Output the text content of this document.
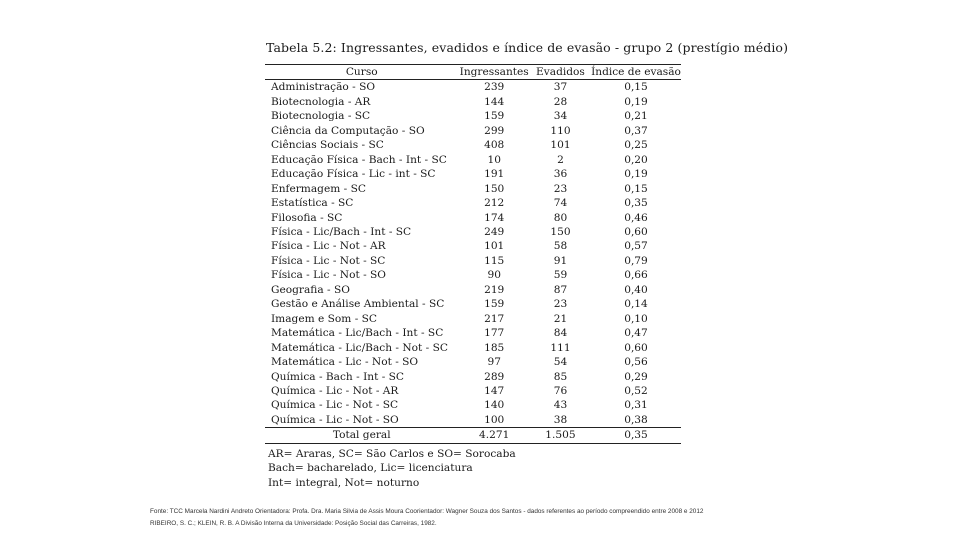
Tabela 5.2: Ingressantes, evadidos e índice de evasão - grupo 2 (prestígio médio)
Curso	Ingressantes	Evadidos	Índice de evasão
Administração - SO	239	37	0,15
Biotecnologia - AR	144	28	0,19
Biotecnologia - SC	159	34	0,21
Ciência da Computação - SO	299	110	0,37
Ciências Sociais - SC	408	101	0,25
Educação Física - Bach - Int - SC	10	2	0,20
Educação Física - Lic - int - SC	191	36	0,19
Enfermagem - SC	150	23	0,15
Estatística - SC	212	74	0,35
Filosofia - SC	174	80	0,46
Física - Lic/Bach - Int - SC	249	150	0,60
Física - Lic - Not - AR	101	58	0,57
Física - Lic - Not - SC	115	91	0,79
Física - Lic - Not - SO	90	59	0,66
Geografia - SO	219	87	0,40
Gestão e Análise Ambiental - SC	159	23	0,14
Imagem e Som - SC	217	21	0,10
Matemática - Lic/Bach - Int - SC	177	84	0,47
Matemática - Lic/Bach - Not - SC	185	111	0,60
Matemática - Lic - Not - SO	97	54	0,56
Química - Bach - Int - SC	289	85	0,29
Química - Lic - Not - AR	147	76	0,52
Química - Lic - Not - SC	140	43	0,31
Química - Lic - Not - SO	100	38	0,38
Total geral	4.271	1.505	0,35
AR= Araras, SC= São Carlos e SO= Sorocaba
Bach= bacharelado, Lic= licenciatura
Int= integral, Not= noturno
Fonte: TCC Marcela Nardini Andreto Orientadora: Profa. Dra. Maria Silvia de Assis Moura Coorientador: Wagner Souza dos Santos - dados referentes ao período compreendido entre 2008 e 2012
RIBEIRO, S. C.; KLEIN, R. B. A Divisão Interna da Universidade: Posição Social das Carreiras, 1982.
